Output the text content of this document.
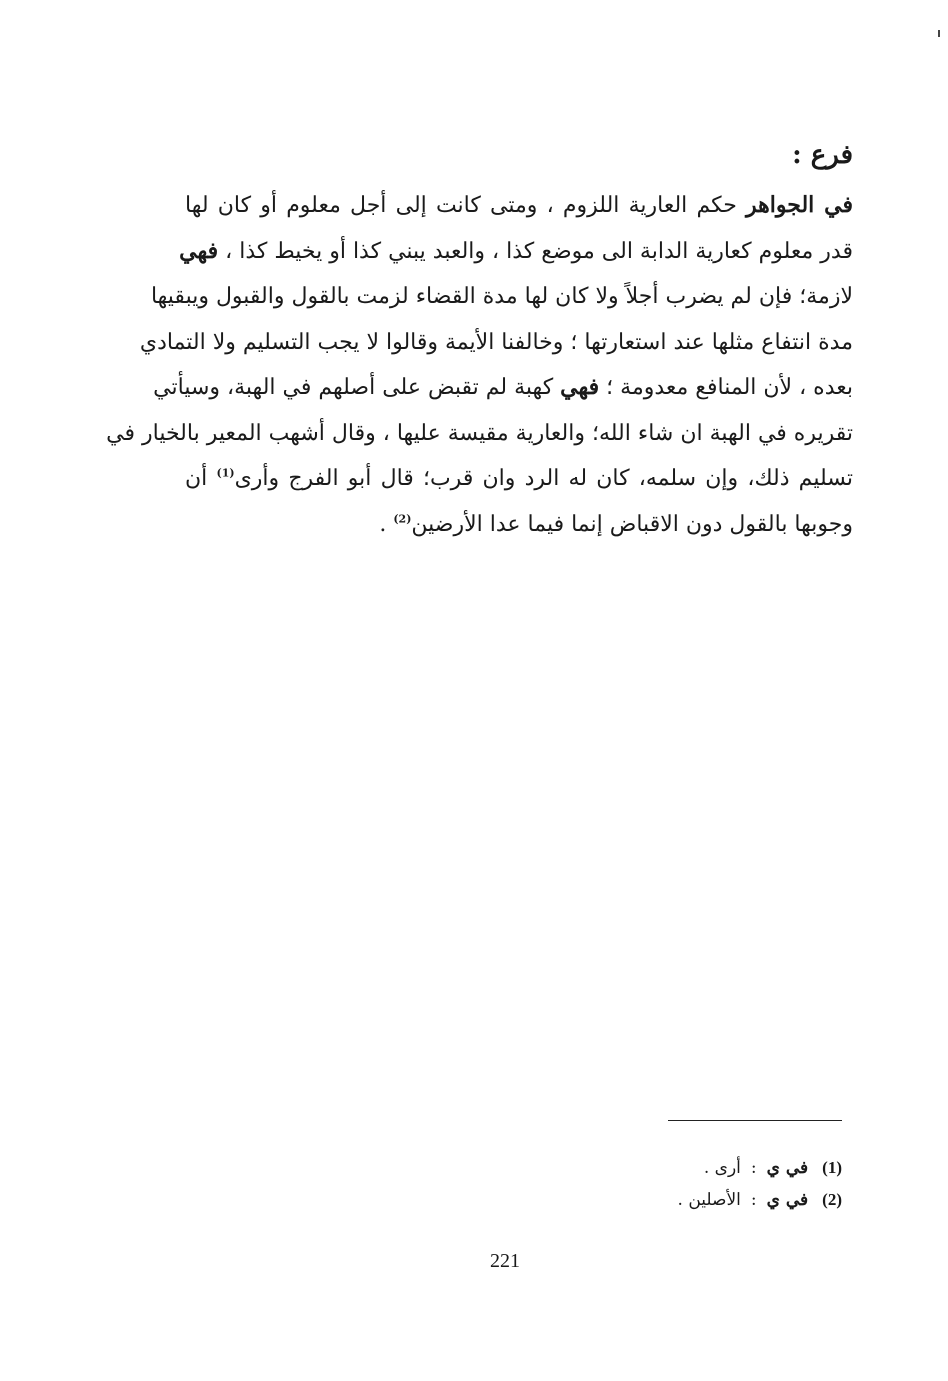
فرع :
في الجواهر حكم العارية اللزوم ، ومتى كانت إلى أجل معلوم أو كان لها
قدر معلوم كعارية الدابة الى موضع كذا ، والعبد يبني كذا أو يخيط كذا ، فهي
لازمة؛ فإن لم يضرب أجلاً ولا كان لها مدة القضاء لزمت بالقول والقبول ويبقيها
مدة انتفاع مثلها عند استعارتها ؛ وخالفنا الأيمة وقالوا لا يجب التسليم ولا التمادي
بعده ، لأن المنافع معدومة ؛ فهي كهبة لم تقبض على أصلهم في الهبة، وسيأتي
تقريره في الهبة ان شاء الله؛ والعارية مقيسة عليها ، وقال أشهب المعير بالخيار في
تسليم ذلك، وإن سلمه، كان له الرد وان قرب؛ قال أبو الفرج وأرى$^{(1)}$ أن
وجوبها بالقول دون الاقباض إنما فيما عدا الأرضين$^{(2)}$ .
(1)في ي:أرى .
(2)في ي:الأصلين .
221
